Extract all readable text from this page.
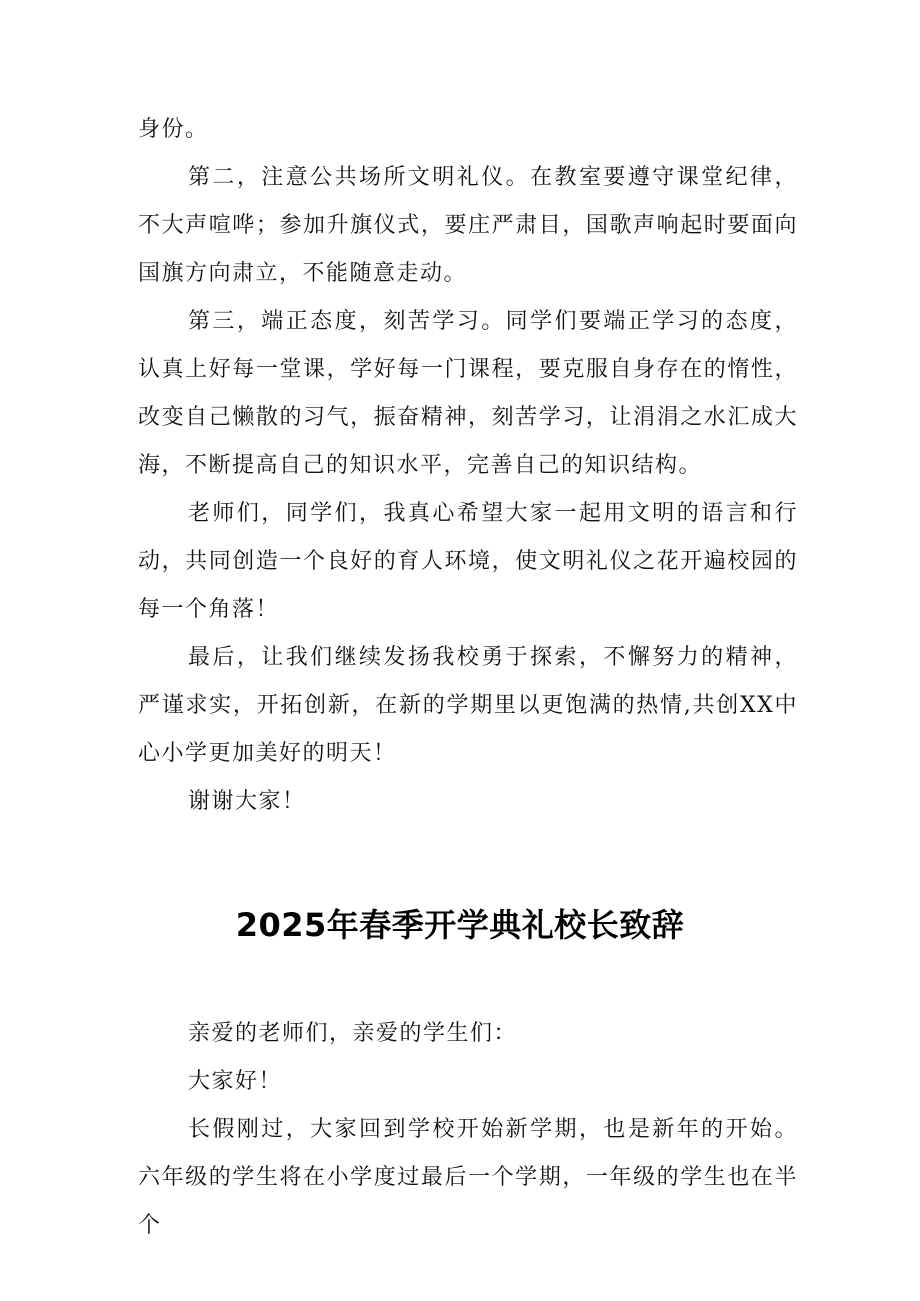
身份。

第二，注意公共场所文明礼仪。在教室要遵守课堂纪律，不大声喧哗；参加升旗仪式，要庄严肃目，国歌声响起时要面向国旗方向肃立，不能随意走动。

第三，端正态度，刻苦学习。同学们要端正学习的态度，认真上好每一堂课，学好每一门课程，要克服自身存在的惰性，改变自己懒散的习气，振奋精神，刻苦学习，让涓涓之水汇成大海，不断提高自己的知识水平，完善自己的知识结构。

老师们，同学们，我真心希望大家一起用文明的语言和行动，共同创造一个良好的育人环境，使文明礼仪之花开遍校园的每一个角落！

最后，让我们继续发扬我校勇于探索，不懈努力的精神，严谨求实，开拓创新，在新的学期里以更饱满的热情,共创XX中心小学更加美好的明天！

谢谢大家！

2025年春季开学典礼校长致辞

亲爱的老师们，亲爱的学生们：

大家好！

长假刚过，大家回到学校开始新学期，也是新年的开始。六年级的学生将在小学度过最后一个学期，一年级的学生也在半个
